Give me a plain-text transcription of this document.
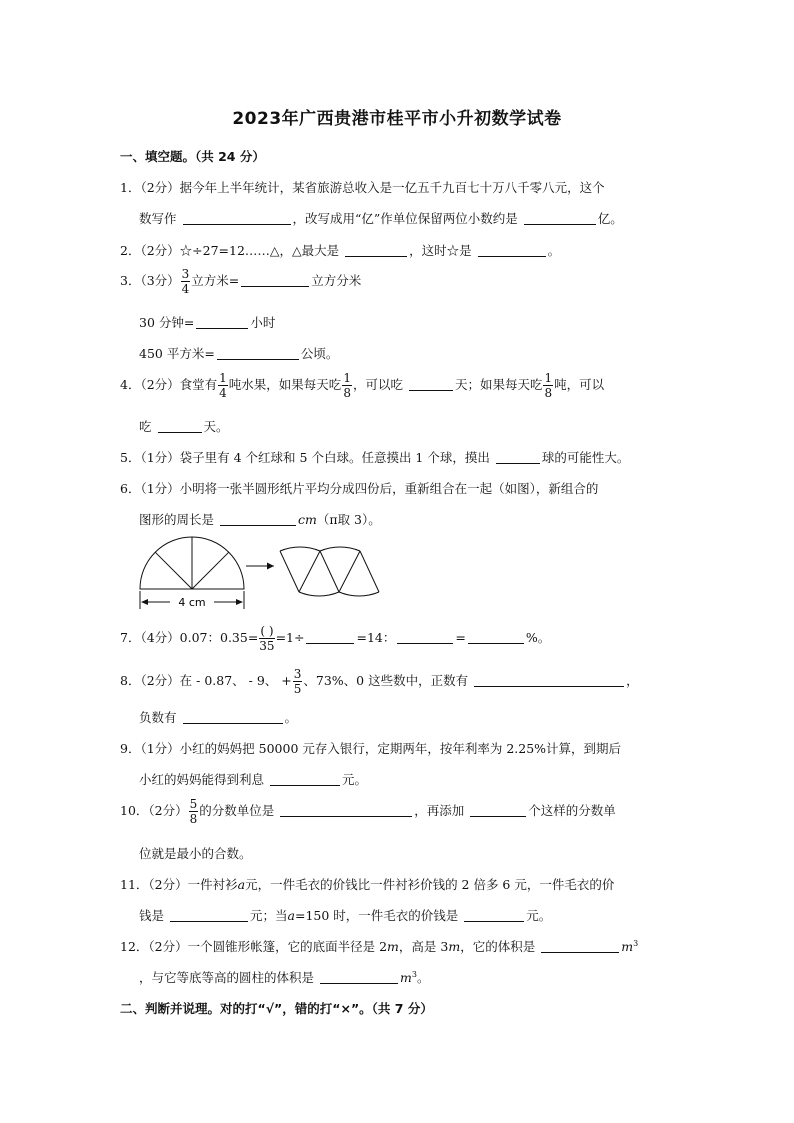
2023年广西贵港市桂平市小升初数学试卷
一、填空题。（共 24 分）
1．（2分）据今年上半年统计，某省旅游总收入是一亿五千九百七十万八千零八元，这个
数写作	，改写成用“亿”作单位保留两位小数约是	亿。
2．（2分）☆÷27=12……△，△最大是	，这时☆是	。
3．（3分） $\frac{3}{4}$ 立方米=	立方分米
30 分钟=	小时
450 平方米=	公顷。
4．（2分）食堂有 $\frac{1}{4}$ 吨水果，如果每天吃 $\frac{1}{8}$ ，可以吃	天；如果每天吃 $\frac{1}{8}$ 吨，可以
吃	天。
5．（1分）袋子里有 4 个红球和 5 个白球。任意摸出 1 个球，摸出	球的可能性大。
6．（1分）小明将一张半圆形纸片平均分成四份后，重新组合在一起（如图），新组合的
图形的周长是	cm（π取 3）。
4 cm
7．（4分）0.07：$0.35= \frac{( )}{35} =1\div$	=14：	=	%。
8．（2分）在 - 0.87、 - 9、 + $\frac{3}{5}$ 、73%、0 这些数中，正数有	，
负数有	。
9．（1分）小红的妈妈把 50000 元存入银行，定期两年，按年利率为 2.25%计算，到期后
小红的妈妈能得到利息	元。
10．（2分） $\frac{5}{8}$ 的分数单位是	，再添加	个这样的分数单
位就是最小的合数。
11．（2分）一件衬衫a元，一件毛衣的价钱比一件衬衫价钱的 2 倍多 6 元，一件毛衣的价
钱是	元；当a=150 时，一件毛衣的价钱是	元。
12．（2分）一个圆锥形帐篷，它的底面半径是 2m，高是 3m，它的体积是	$m^3$
，与它等底等高的圆柱的体积是	$m^3$。
二、判断并说理。对的打“√”，错的打“×”。（共 7 分）
